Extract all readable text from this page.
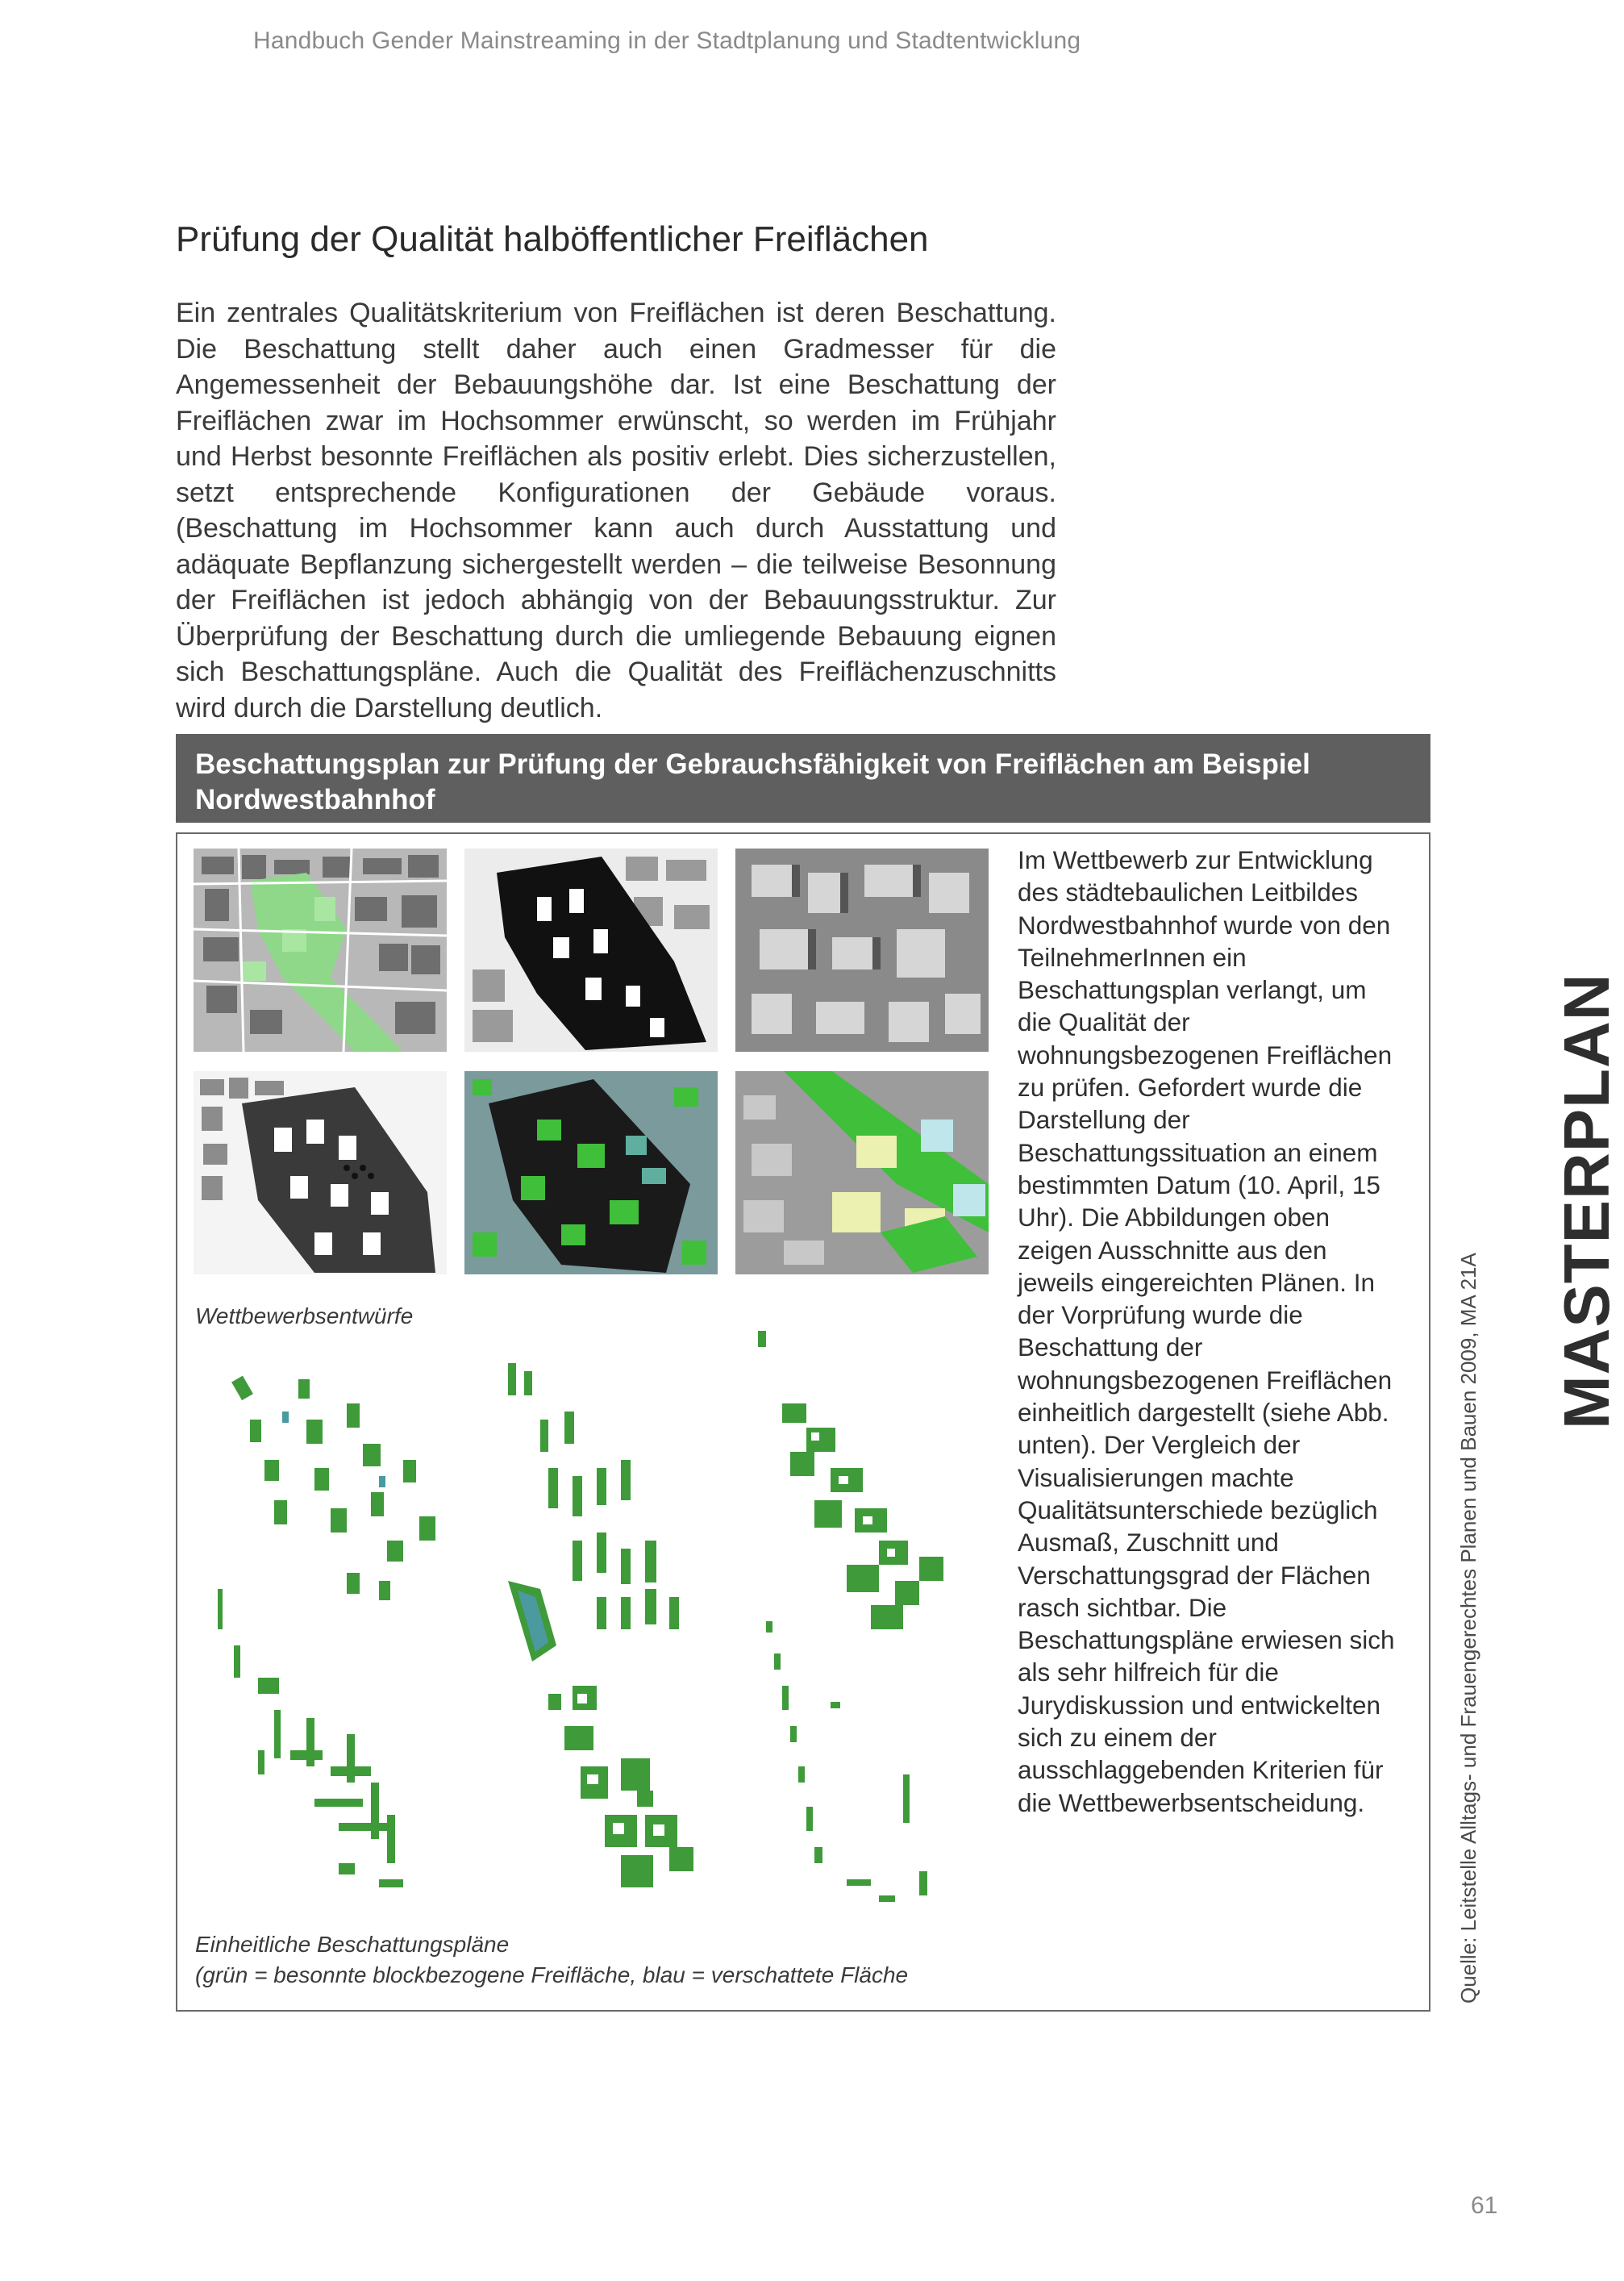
Handbuch Gender Mainstreaming in der Stadtplanung und Stadtentwicklung
Prüfung der Qualität halböffentlicher Freiflächen

Ein zentrales Qualitätskriterium von Freiflächen ist deren Beschattung. Die Beschattung stellt daher auch einen Gradmesser für die Angemessenheit der Bebauungshöhe dar. Ist eine Beschattung der Freiflächen zwar im Hochsommer erwünscht, so werden im Frühjahr und Herbst besonnte Freiflächen als positiv erlebt. Dies sicherzustellen, setzt entsprechende Konfigurationen der Gebäude voraus. (Beschattung im Hochsommer kann auch durch Ausstattung und adäquate Bepflanzung sichergestellt werden – die teilweise Besonnung der Freiflächen ist jedoch abhängig von der Bebauungsstruktur. Zur Überprüfung der Beschattung durch die umliegende Bebauung eignen sich Beschattungspläne. Auch die Qualität des Freiflächenzuschnitts wird durch die Darstellung deutlich.

Beschattungsplan zur Prüfung der Gebrauchsfähigkeit von Freiflächen am Beispiel
Nordwestbahnhof
Wettbewerbsentwürfe
Einheitliche Beschattungspläne
(grün = besonnte blockbezogene Freifläche, blau = verschattete Fläche

Im Wettbewerb zur Entwicklung des städtebaulichen Leitbildes Nordwestbahnhof wurde von den TeilnehmerInnen ein Beschattungsplan verlangt, um die Qualität der wohnungsbezogenen Freiflächen zu prüfen. Gefordert wurde die Darstellung der Beschattungssituation an einem bestimmten Datum (10. April, 15 Uhr). Die Abbildungen oben zeigen Ausschnitte aus den jeweils eingereichten Plänen. In der Vorprüfung wurde die Beschattung der wohnungsbezogenen Freiflächen einheitlich dargestellt (siehe Abb. unten). Der Vergleich der Visualisierungen machte Qualitätsunterschiede bezüglich Ausmaß, Zuschnitt und Verschattungsgrad der Flächen rasch sichtbar. Die Beschattungspläne erwiesen sich als sehr hilfreich für die Jurydiskussion und entwickelten sich zu einem der ausschlaggebenden Kriterien für die Wettbewerbsentscheidung.	Quelle: Leitstelle Alltags- und Frauengerechtes Planen und Bauen 2009, MA 21A
MASTERPLAN
61
